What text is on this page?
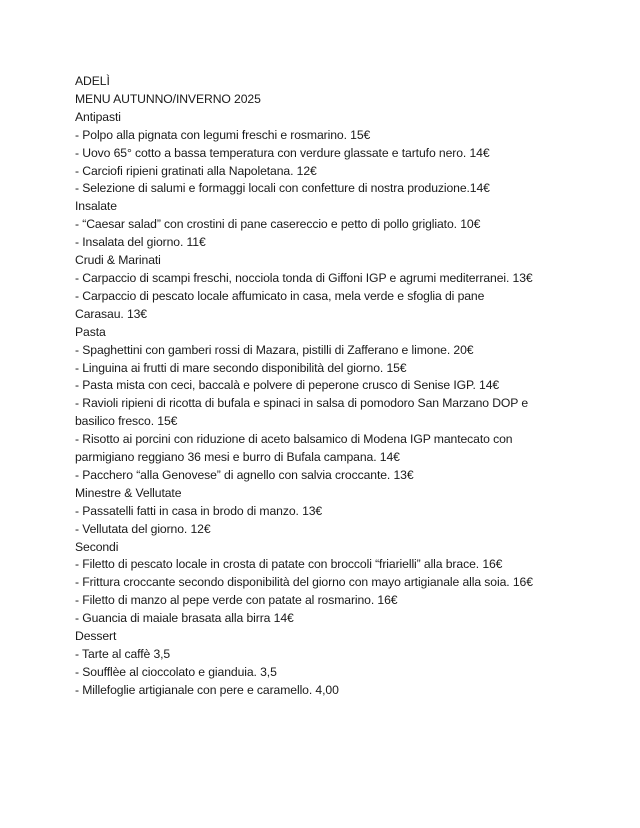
ADELÌ
MENU AUTUNNO/INVERNO 2025
Antipasti
- Polpo alla pignata con legumi freschi e rosmarino. 15€
- Uovo 65° cotto a bassa temperatura con verdure glassate e tartufo nero. 14€
- Carciofi ripieni gratinati alla Napoletana. 12€
- Selezione di salumi e formaggi locali con confetture di nostra produzione.14€
Insalate
- “Caesar salad” con crostini di pane casereccio e petto di pollo grigliato. 10€
- Insalata del giorno. 11€
Crudi & Marinati
- Carpaccio di scampi freschi, nocciola tonda di Giffoni IGP e agrumi mediterranei. 13€
- Carpaccio di pescato locale affumicato in casa, mela verde e sfoglia di pane Carasau. 13€
Pasta
- Spaghettini con gamberi rossi di Mazara, pistilli di Zafferano e limone. 20€
- Linguina ai frutti di mare secondo disponibilità del giorno. 15€
- Pasta mista con ceci, baccalà e polvere di peperone crusco di Senise IGP. 14€
- Ravioli ripieni di ricotta di bufala e spinaci in salsa di pomodoro San Marzano DOP e basilico fresco. 15€
- Risotto ai porcini con riduzione di aceto balsamico di Modena IGP mantecato con parmigiano reggiano 36 mesi e burro di Bufala campana. 14€
- Pacchero “alla Genovese” di agnello con salvia croccante. 13€
Minestre & Vellutate
- Passatelli fatti in casa in brodo di manzo. 13€
- Vellutata del giorno. 12€
Secondi
- Filetto di pescato locale in crosta di patate con broccoli “friarielli” alla brace. 16€
- Frittura croccante secondo disponibilità del giorno con mayo artigianale alla soia. 16€
- Filetto di manzo al pepe verde con patate al rosmarino. 16€
- Guancia di maiale brasata alla birra 14€
Dessert
- Tarte al caffè 3,5
- Soufflèe al cioccolato e gianduia. 3,5
- Millefoglie artigianale con pere e caramello. 4,00
